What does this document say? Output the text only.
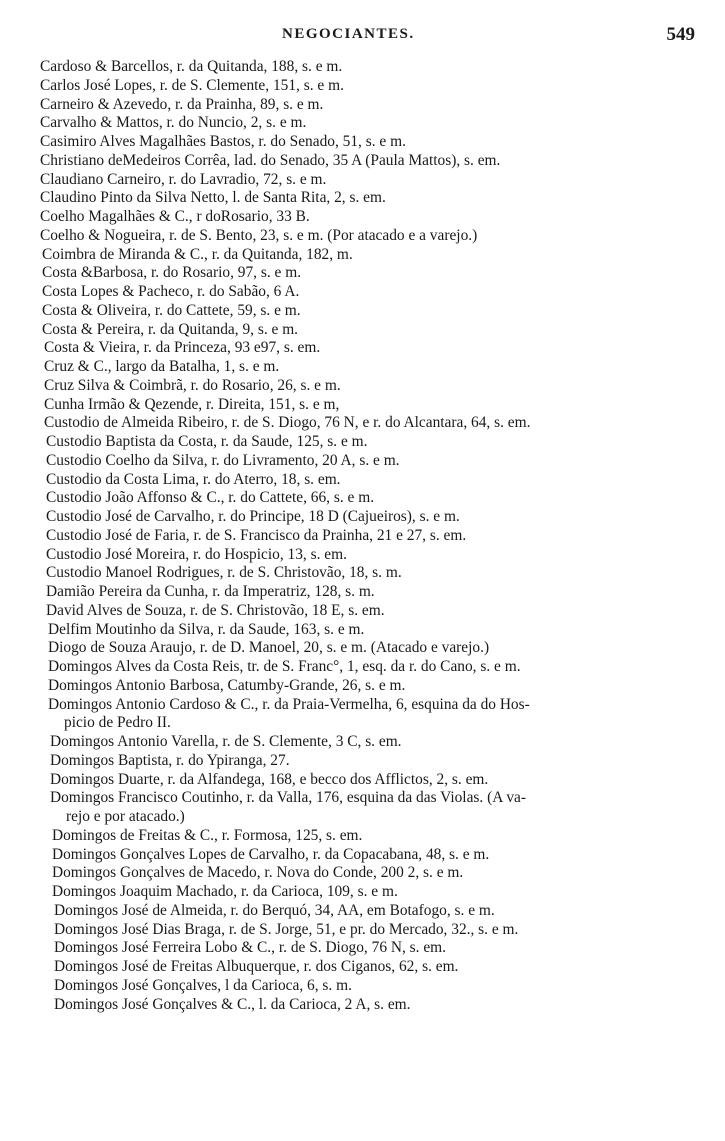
NEGOCIANTES.	549
Cardoso & Barcellos, r. da Quitanda, 188, s. e m.
Carlos José Lopes, r. de S. Clemente, 151, s. e m.
Carneiro & Azevedo, r. da Prainha, 89, s. e m.
Carvalho & Mattos, r. do Nuncio, 2, s. e m.
Casimiro Alves Magalhães Bastos, r. do Senado, 51, s. e m.
Christiano deMedeiros Corrêa, lad. do Senado, 35 A (Paula Mattos), s. em.
Claudiano Carneiro, r. do Lavradio, 72, s. e m.
Claudino Pinto da Silva Netto, l. de Santa Rita, 2, s. em.
Coelho Magalhães & C., r doRosario, 33 B.
Coelho & Nogueira, r. de S. Bento, 23, s. e m. (Por atacado e a varejo.)
Coimbra de Miranda & C., r. da Quitanda, 182, m.
Costa &Barbosa, r. do Rosario, 97, s. e m.
Costa Lopes & Pacheco, r. do Sabão, 6 A.
Costa & Oliveira, r. do Cattete, 59, s. e m.
Costa & Pereira, r. da Quitanda, 9, s. e m.
Costa & Vieira, r. da Princeza, 93 e97, s. em.
Cruz & C., largo da Batalha, 1, s. e m.
Cruz Silva & Coimbrã, r. do Rosario, 26, s. e m.
Cunha Irmão & Qezende, r. Direita, 151, s. e m,
Custodio de Almeida Ribeiro, r. de S. Diogo, 76 N, e r. do Alcantara, 64, s. em.
Custodio Baptista da Costa, r. da Saude, 125, s. e m.
Custodio Coelho da Silva, r. do Livramento, 20 A, s. e m.
Custodio da Costa Lima, r. do Aterro, 18, s. em.
Custodio João Affonso & C., r. do Cattete, 66, s. e m.
Custodio José de Carvalho, r. do Principe, 18 D (Cajueiros), s. e m.
Custodio José de Faria, r. de S. Francisco da Prainha, 21 e 27, s. em.
Custodio José Moreira, r. do Hospicio, 13, s. em.
Custodio Manoel Rodrigues, r. de S. Christovão, 18, s. m.
Damião Pereira da Cunha, r. da Imperatriz, 128, s. m.
David Alves de Souza, r. de S. Christovão, 18 E, s. em.
Delfim Moutinho da Silva, r. da Saude, 163, s. e m.
Diogo de Souza Araujo, r. de D. Manoel, 20, s. e m. (Atacado e varejo.)
Domingos Alves da Costa Reis, tr. de S. Franc°, 1, esq. da r. do Cano, s. e m.
Domingos Antonio Barbosa, Catumby-Grande, 26, s. e m.
Domingos Antonio Cardoso & C., r. da Praia-Vermelha, 6, esquina da do Hos-
picio de Pedro II.
Domingos Antonio Varella, r. de S. Clemente, 3 C, s. em.
Domingos Baptista, r. do Ypiranga, 27.
Domingos Duarte, r. da Alfandega, 168, e becco dos Afflictos, 2, s. em.
Domingos Francisco Coutinho, r. da Valla, 176, esquina da das Violas. (A va-
rejo e por atacado.)
Domingos de Freitas & C., r. Formosa, 125, s. em.
Domingos Gonçalves Lopes de Carvalho, r. da Copacabana, 48, s. e m.
Domingos Gonçalves de Macedo, r. Nova do Conde, 200 2, s. e m.
Domingos Joaquim Machado, r. da Carioca, 109, s. e m.
Domingos José de Almeida, r. do Berquó, 34, AA, em Botafogo, s. e m.
Domingos José Dias Braga, r. de S. Jorge, 51, e pr. do Mercado, 32., s. e m.
Domingos José Ferreira Lobo & C., r. de S. Diogo, 76 N, s. em.
Domingos José de Freitas Albuquerque, r. dos Ciganos, 62, s. em.
Domingos José Gonçalves, l da Carioca, 6, s. m.
Domingos José Gonçalves & C., l. da Carioca, 2 A, s. em.
